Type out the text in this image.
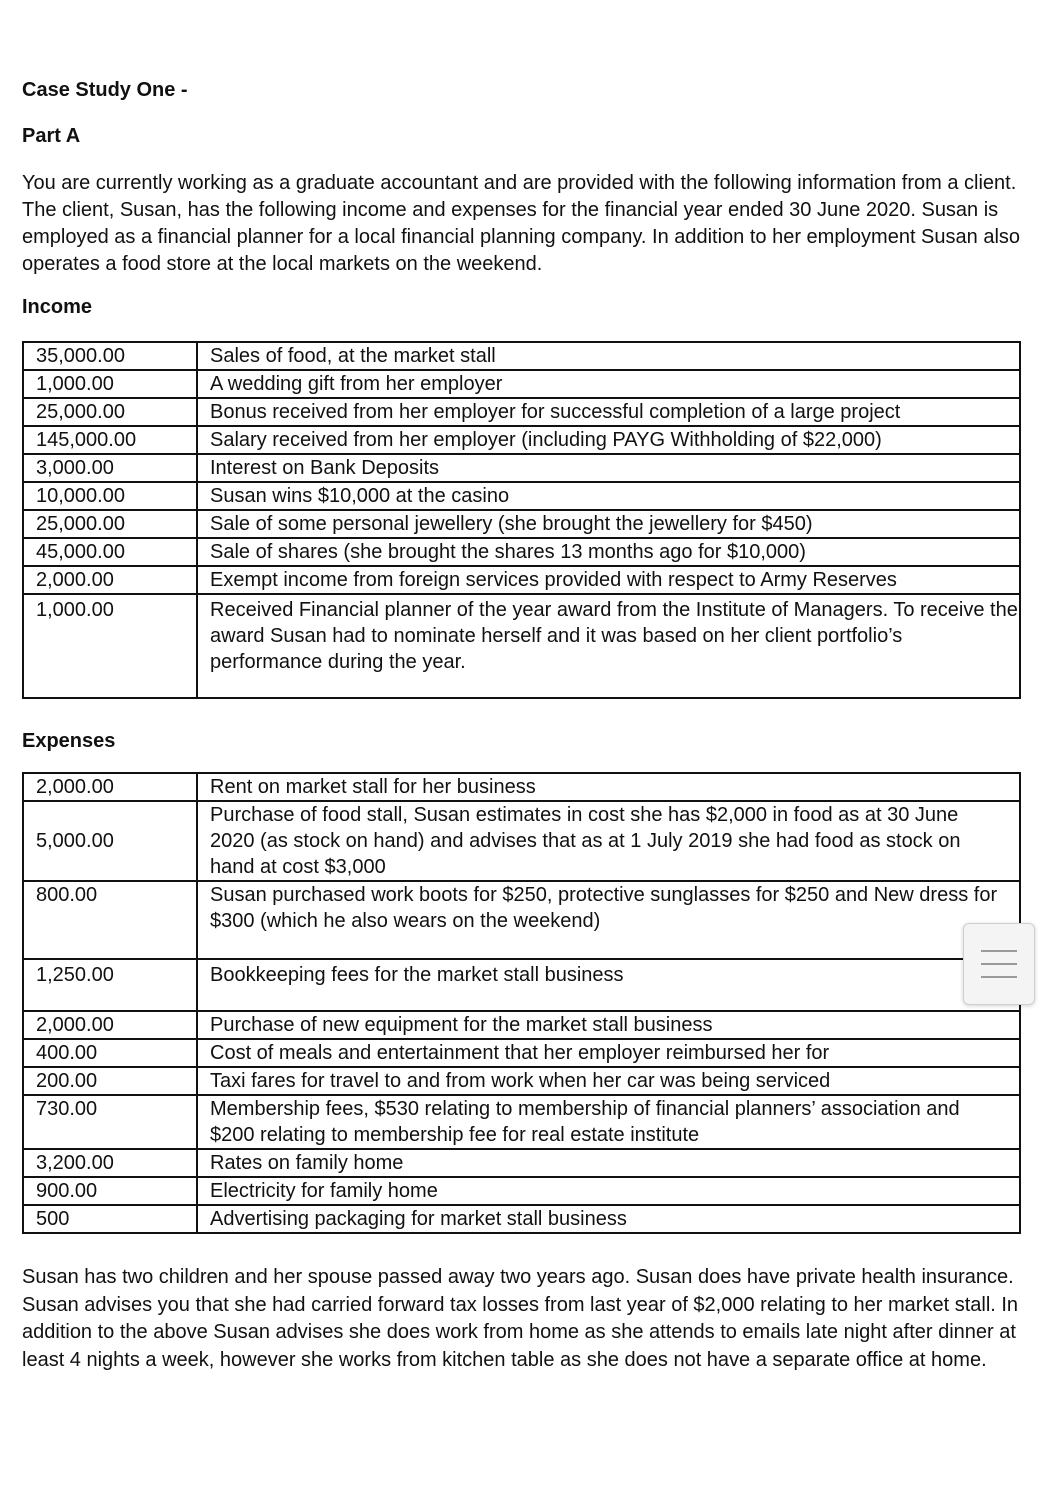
Case Study One -
Part A

You are currently working as a graduate accountant and are provided with the following information from a client. The client, Susan, has the following income and expenses for the financial year ended 30 June 2020. Susan is employed as a financial planner for a local financial planning company. In addition to her employment Susan also operates a food store at the local markets on the weekend.

Income
35,000.00	Sales of food, at the market stall
1,000.00	A wedding gift from her employer
25,000.00	Bonus received from her employer for successful completion of a large project
145,000.00	Salary received from her employer (including PAYG Withholding of $22,000)
3,000.00	Interest on Bank Deposits
10,000.00	Susan wins $10,000 at the casino
25,000.00	Sale of some personal jewellery (she brought the jewellery for $450)
45,000.00	Sale of shares (she brought the shares 13 months ago for $10,000)
2,000.00	Exempt income from foreign services provided with respect to Army Reserves
1,000.00	Received Financial planner of the year award from the Institute of Managers. To receive the award Susan had to nominate herself and it was based on her client portfolio’s performance during the year.
Expenses
2,000.00	Rent on market stall for her business
5,000.00	Purchase of food stall, Susan estimates in cost she has $2,000 in food as at 30 June 2020 (as stock on hand) and advises that as at 1 July 2019 she had food as stock on hand at cost $3,000
800.00	Susan purchased work boots for $250, protective sunglasses for $250 and New dress for $300 (which he also wears on the weekend)
1,250.00	Bookkeeping fees for the market stall business
2,000.00	Purchase of new equipment for the market stall business
400.00	Cost of meals and entertainment that her employer reimbursed her for
200.00	Taxi fares for travel to and from work when her car was being serviced
730.00	Membership fees, $530 relating to membership of financial planners’ association and $200 relating to membership fee for real estate institute
3,200.00	Rates on family home
900.00	Electricity for family home
500	Advertising packaging for market stall business

Susan has two children and her spouse passed away two years ago. Susan does have private health insurance. Susan advises you that she had carried forward tax losses from last year of $2,000 relating to her market stall. In addition to the above Susan advises she does work from home as she attends to emails late night after dinner at least 4 nights a week, however she works from kitchen table as she does not have a separate office at home.
